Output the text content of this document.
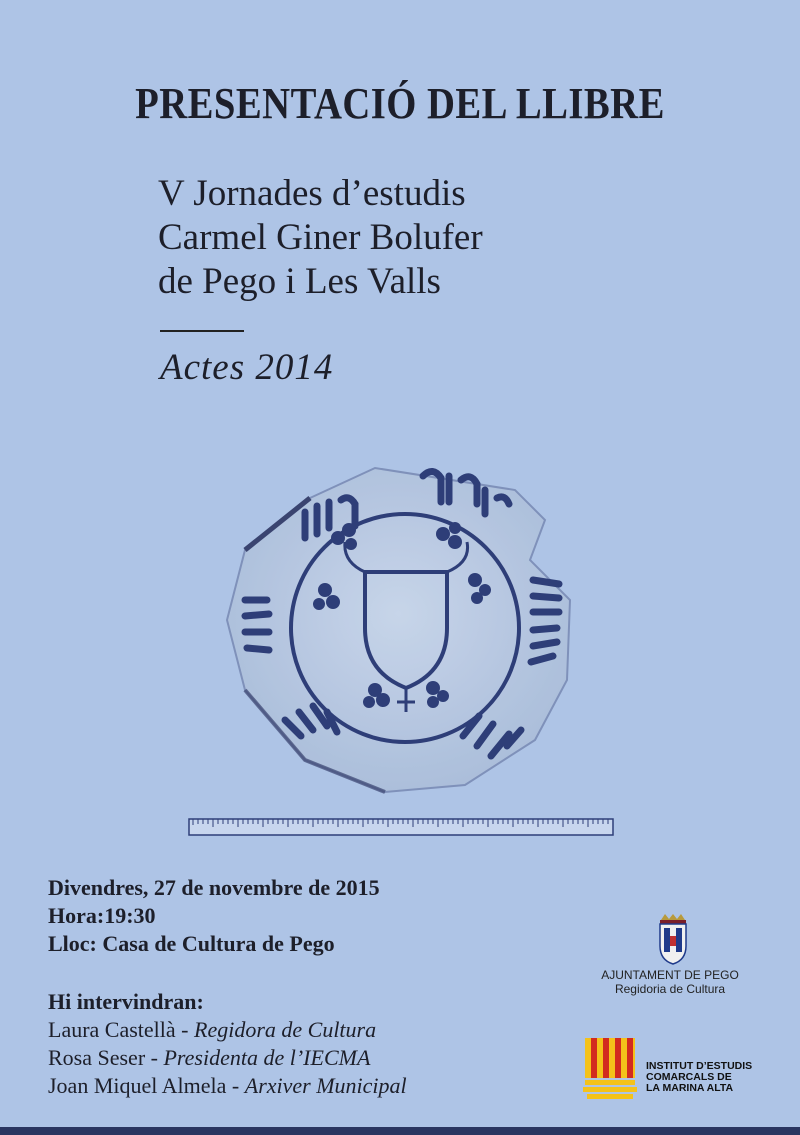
PRESENTACIÓ DEL LLIBRE
V Jornades d’estudis
Carmel Giner Bolufer
de Pego i Les Valls
Actes 2014
Divendres, 27 de novembre de 2015
Hora:19:30
Lloc: Casa de Cultura de Pego
Hi intervindran:
Laura Castellà - Regidora de Cultura
Rosa Seser - Presidenta de l’IECMA
Joan Miquel Almela - Arxiver Municipal
AJUNTAMENT DE PEGO
Regidoria de Cultura
INSTITUT D’ESTUDIS
COMARCALS DE
LA MARINA ALTA
